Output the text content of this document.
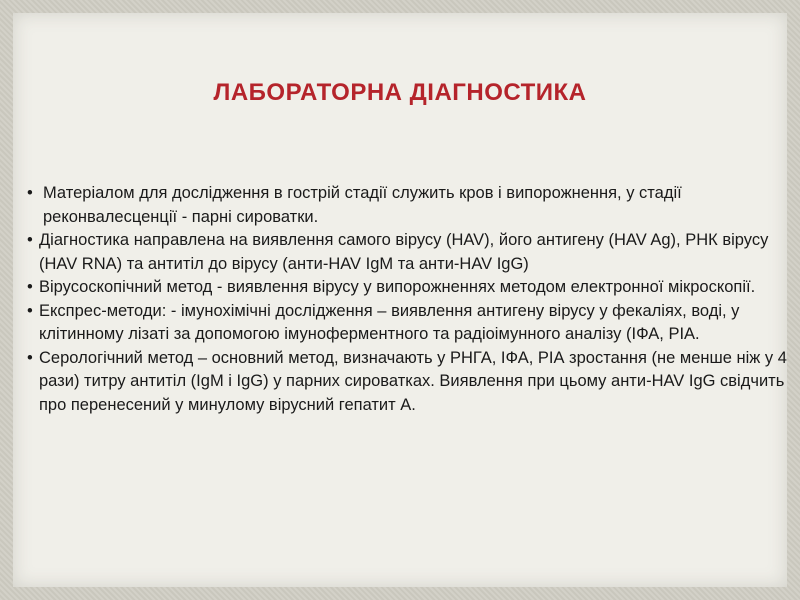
ЛАБОРАТОРНА ДІАГНОСТИКА
• Матеріалом для дослідження в гострій стадії служить кров і випорожнення, у стадії реконвалесценції - парні сироватки.
• Діагностика направлена на виявлення самого вірусу (HAV), його антигену (HAV Ag), РНК вірусу (HAV RNA) та антитіл до вірусу (анти-HAV IgM та анти-HAV IgG)
• Вірусоскопічний метод - виявлення вірусу у випорожненнях методом електронної мікроскопії.
• Експрес-методи: - імунохімічні дослідження – виявлення антигену вірусу у фекаліях, воді, у клітинному лізаті за допомогою імуноферментного та радіоімунного аналізу (ІФА, РІА.
• Серологічний метод – основний метод, визначають у РНГА, ІФА, РІА зростання (не менше ніж у 4 рази) титру антитіл (IgM і IgG) у парних сироватках. Виявлення при цьому анти-HAV IgG свідчить про перенесений у минулому вірусний гепатит А.
